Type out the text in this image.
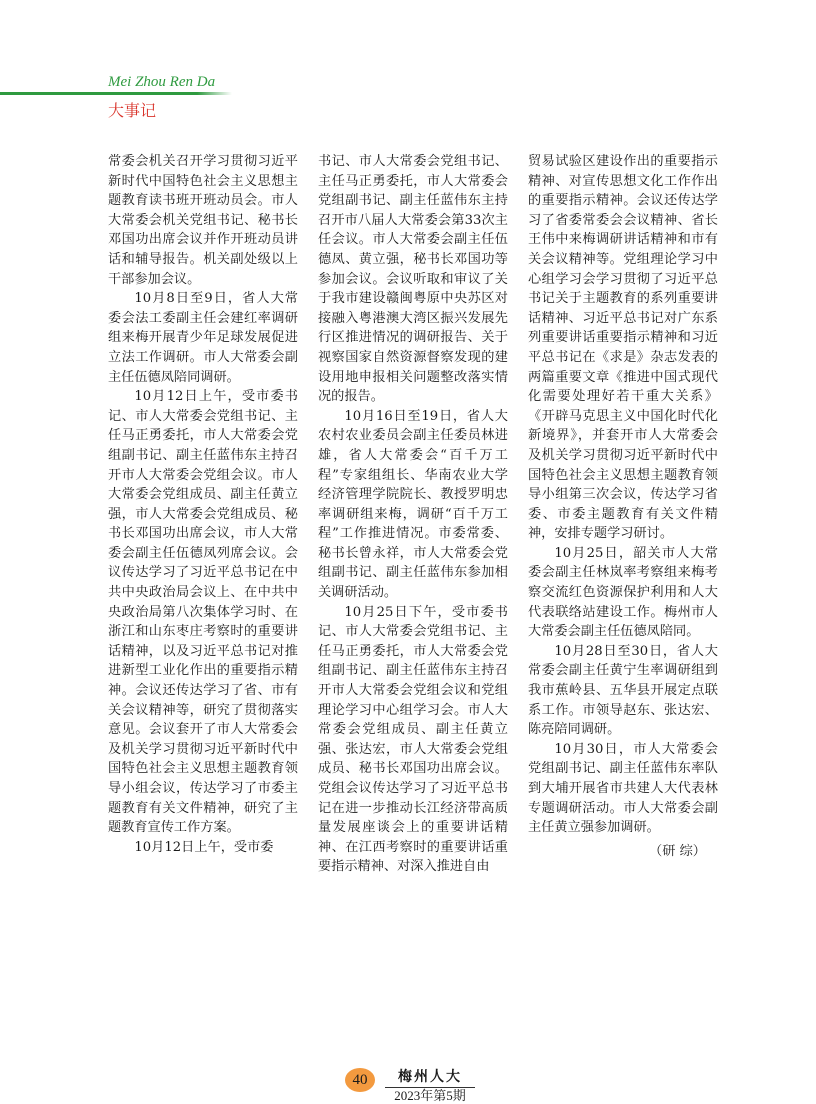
Mei Zhou Ren Da
大事记

常委会机关召开学习贯彻习近平新时代中国特色社会主义思想主题教育读书班开班动员会。市人大常委会机关党组书记、秘书长邓国功出席会议并作开班动员讲话和辅导报告。机关副处级以上干部参加会议。

10月8日至9日，省人大常委会法工委副主任会建红率调研组来梅开展青少年足球发展促进立法工作调研。市人大常委会副主任伍德凤陪同调研。

10月12日上午，受市委书记、市人大常委会党组书记、主任马正勇委托，市人大常委会党组副书记、副主任蓝伟东主持召开市人大常委会党组会议。市人大常委会党组成员、副主任黄立强，市人大常委会党组成员、秘书长邓国功出席会议，市人大常委会副主任伍德凤列席会议。会议传达学习了习近平总书记在中共中央政治局会议上、在中共中央政治局第八次集体学习时、在浙江和山东枣庄考察时的重要讲话精神，以及习近平总书记对推进新型工业化作出的重要指示精神。会议还传达学习了省、市有关会议精神等，研究了贯彻落实意见。会议套开了市人大常委会及机关学习贯彻习近平新时代中国特色社会主义思想主题教育领导小组会议，传达学习了市委主题教育有关文件精神，研究了主题教育宣传工作方案。

10月12日上午，受市委

书记、市人大常委会党组书记、主任马正勇委托，市人大常委会党组副书记、副主任蓝伟东主持召开市八届人大常委会第33次主任会议。市人大常委会副主任伍德凤、黄立强，秘书长邓国功等参加会议。会议听取和审议了关于我市建设赣闽粤原中央苏区对接融入粤港澳大湾区振兴发展先行区推进情况的调研报告、关于视察国家自然资源督察发现的建设用地申报相关问题整改落实情况的报告。

10月16日至19日，省人大农村农业委员会副主任委员林进雄，省人大常委会“百千万工程”专家组组长、华南农业大学经济管理学院院长、教授罗明忠率调研组来梅，调研“百千万工程”工作推进情况。市委常委、秘书长曾永祥，市人大常委会党组副书记、副主任蓝伟东参加相关调研活动。

10月25日下午，受市委书记、市人大常委会党组书记、主任马正勇委托，市人大常委会党组副书记、副主任蓝伟东主持召开市人大常委会党组会议和党组理论学习中心组学习会。市人大常委会党组成员、副主任黄立强、张达宏，市人大常委会党组成员、秘书长邓国功出席会议。党组会议传达学习了习近平总书记在进一步推动长江经济带高质量发展座谈会上的重要讲话精神、在江西考察时的重要讲话重要指示精神、对深入推进自由

贸易试验区建设作出的重要指示精神、对宣传思想文化工作作出的重要指示精神。会议还传达学习了省委常委会会议精神、省长王伟中来梅调研讲话精神和市有关会议精神等。党组理论学习中心组学习会学习贯彻了习近平总书记关于主题教育的系列重要讲话精神、习近平总书记对广东系列重要讲话重要指示精神和习近平总书记在《求是》杂志发表的两篇重要文章《推进中国式现代化需要处理好若干重大关系》《开辟马克思主义中国化时代化新境界》，并套开市人大常委会及机关学习贯彻习近平新时代中国特色社会主义思想主题教育领导小组第三次会议，传达学习省委、市委主题教育有关文件精神，安排专题学习研讨。

10月25日，韶关市人大常委会副主任林岚率考察组来梅考察交流红色资源保护利用和人大代表联络站建设工作。梅州市人大常委会副主任伍德凤陪同。

10月28日至30日，省人大常委会副主任黄宁生率调研组到我市蕉岭县、五华县开展定点联系工作。市领导赵东、张达宏、陈亮陪同调研。

10月30日，市人大常委会党组副书记、副主任蓝伟东率队到大埔开展省市共建人大代表林专题调研活动。市人大常委会副主任黄立强参加调研。

（研 综）

40	梅州人大
2023年第5期
